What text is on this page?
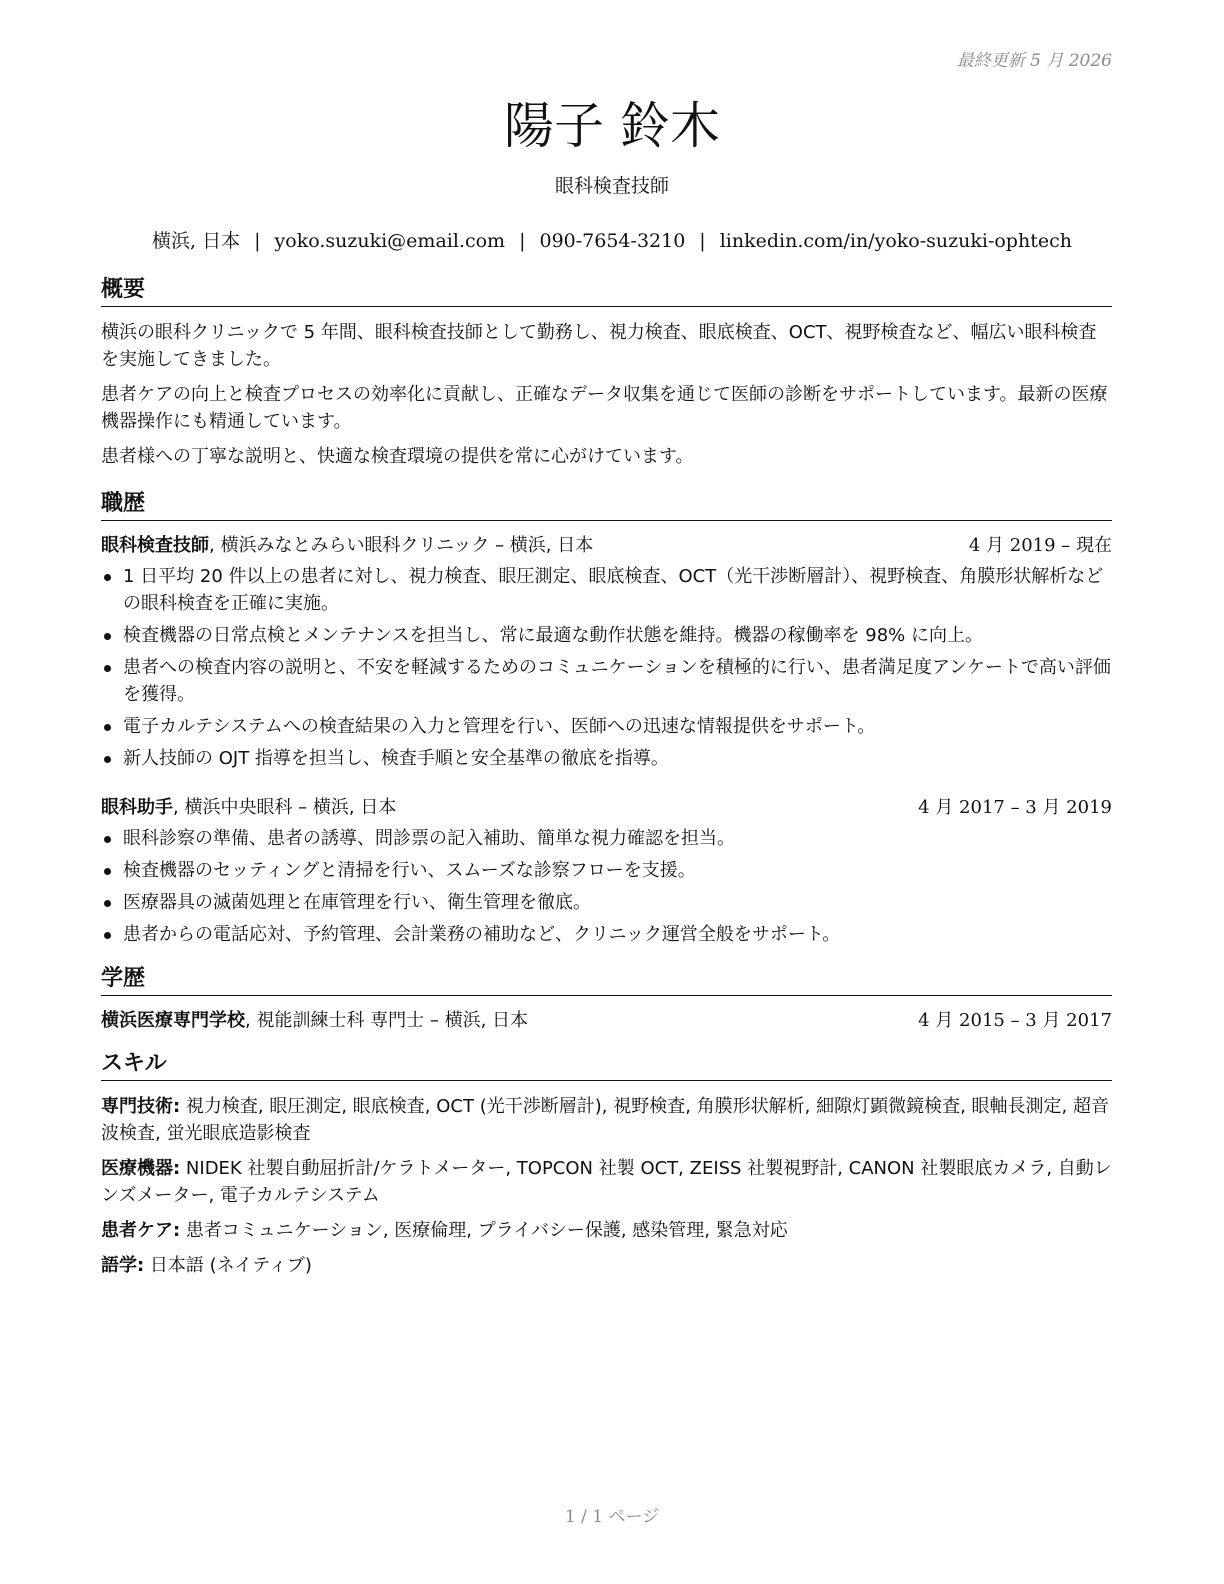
最終更新 5 月 2026
陽子 鈴木
眼科検査技師
横浜, 日本 | yoko.suzuki@email.com | 090-7654-3210 | linkedin.com/in/yoko-suzuki-ophtech
概要

横浜の眼科クリニックで 5 年間、眼科検査技師として勤務し、視力検査、眼底検査、OCT、視野検査など、幅広い眼科検査を実施してきました。

患者ケアの向上と検査プロセスの効率化に貢献し、正確なデータ収集を通じて医師の診断をサポートしています。最新の医療機器操作にも精通しています。

患者様への丁寧な説明と、快適な検査環境の提供を常に心がけています。

職歴
眼科検査技師, 横浜みなとみらい眼科クリニック – 横浜, 日本	4 月 2019 – 現在
1 日平均 20 件以上の患者に対し、視力検査、眼圧測定、眼底検査、OCT（光干渉断層計）、視野検査、角膜形状解析などの眼科検査を正確に実施。
検査機器の日常点検とメンテナンスを担当し、常に最適な動作状態を維持。機器の稼働率を 98% に向上。
患者への検査内容の説明と、不安を軽減するためのコミュニケーションを積極的に行い、患者満足度アンケートで高い評価を獲得。
電子カルテシステムへの検査結果の入力と管理を行い、医師への迅速な情報提供をサポート。
新人技師の OJT 指導を担当し、検査手順と安全基準の徹底を指導。
眼科助手, 横浜中央眼科 – 横浜, 日本	4 月 2017 – 3 月 2019
眼科診察の準備、患者の誘導、問診票の記入補助、簡単な視力確認を担当。
検査機器のセッティングと清掃を行い、スムーズな診察フローを支援。
医療器具の滅菌処理と在庫管理を行い、衛生管理を徹底。
患者からの電話応対、予約管理、会計業務の補助など、クリニック運営全般をサポート。
学歴
横浜医療専門学校, 視能訓練士科 専門士 – 横浜, 日本	4 月 2015 – 3 月 2017
スキル

専門技術: 視力検査, 眼圧測定, 眼底検査, OCT (光干渉断層計), 視野検査, 角膜形状解析, 細隙灯顕微鏡検査, 眼軸長測定, 超音波検査, 蛍光眼底造影検査

医療機器: NIDEK 社製自動屈折計/ケラトメーター, TOPCON 社製 OCT, ZEISS 社製視野計, CANON 社製眼底カメラ, 自動レンズメーター, 電子カルテシステム

患者ケア: 患者コミュニケーション, 医療倫理, プライバシー保護, 感染管理, 緊急対応

語学: 日本語 (ネイティブ)

1 / 1 ページ
